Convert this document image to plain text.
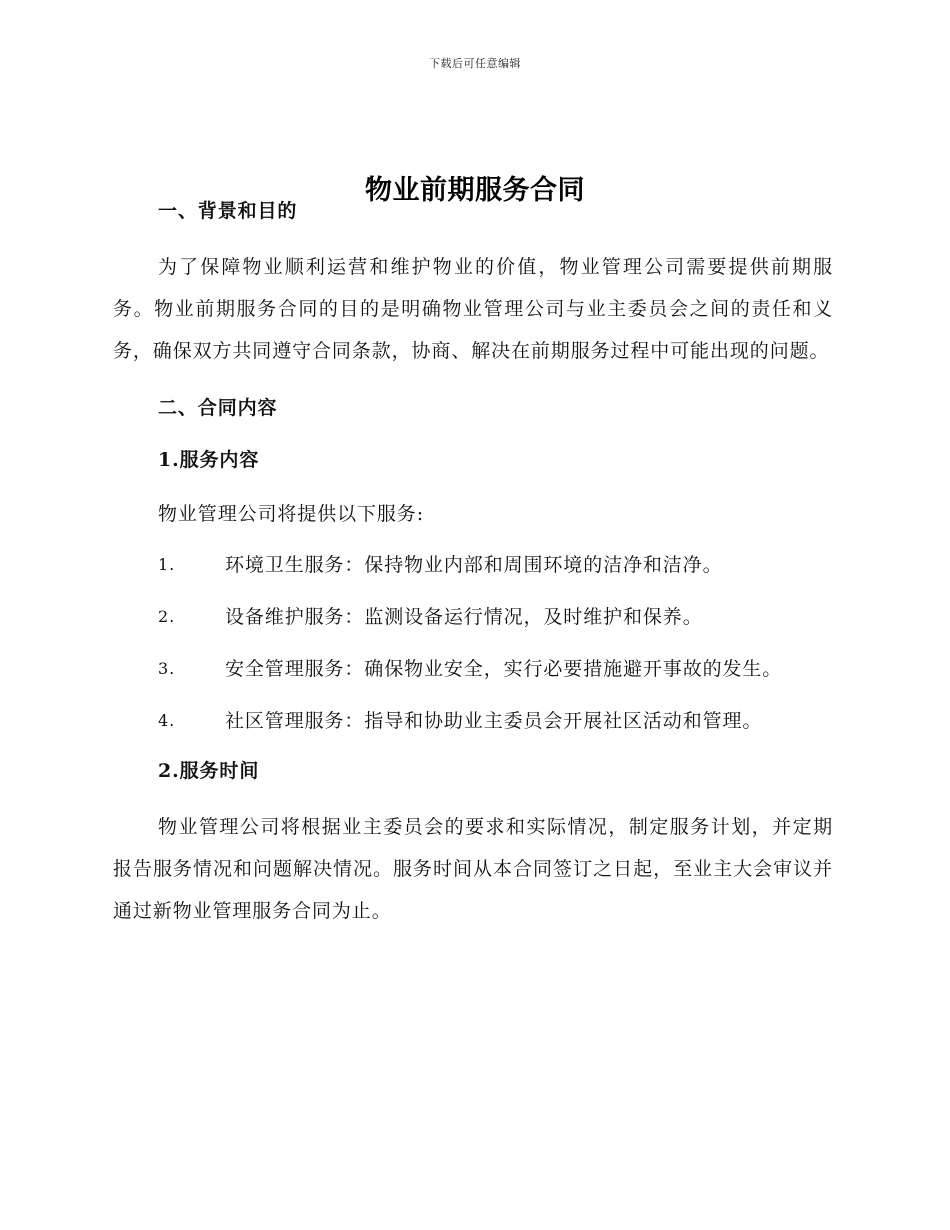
下载后可任意编辑
物业前期服务合同
一、背景和目的

为了保障物业顺利运营和维护物业的价值，物业管理公司需要提供前期服务。物业前期服务合同的目的是明确物业管理公司与业主委员会之间的责任和义务，确保双方共同遵守合同条款，协商、解决在前期服务过程中可能出现的问题。

二、合同内容
1.服务内容

物业管理公司将提供以下服务:

1.	环境卫生服务：保持物业内部和周围环境的洁净和洁净。
2.	设备维护服务：监测设备运行情况，及时维护和保养。
3.	安全管理服务：确保物业安全，实行必要措施避开事故的发生。
4.	社区管理服务：指导和协助业主委员会开展社区活动和管理。
2.服务时间

物业管理公司将根据业主委员会的要求和实际情况，制定服务计划，并定期报告服务情况和问题解决情况。服务时间从本合同签订之日起，至业主大会审议并通过新物业管理服务合同为止。
